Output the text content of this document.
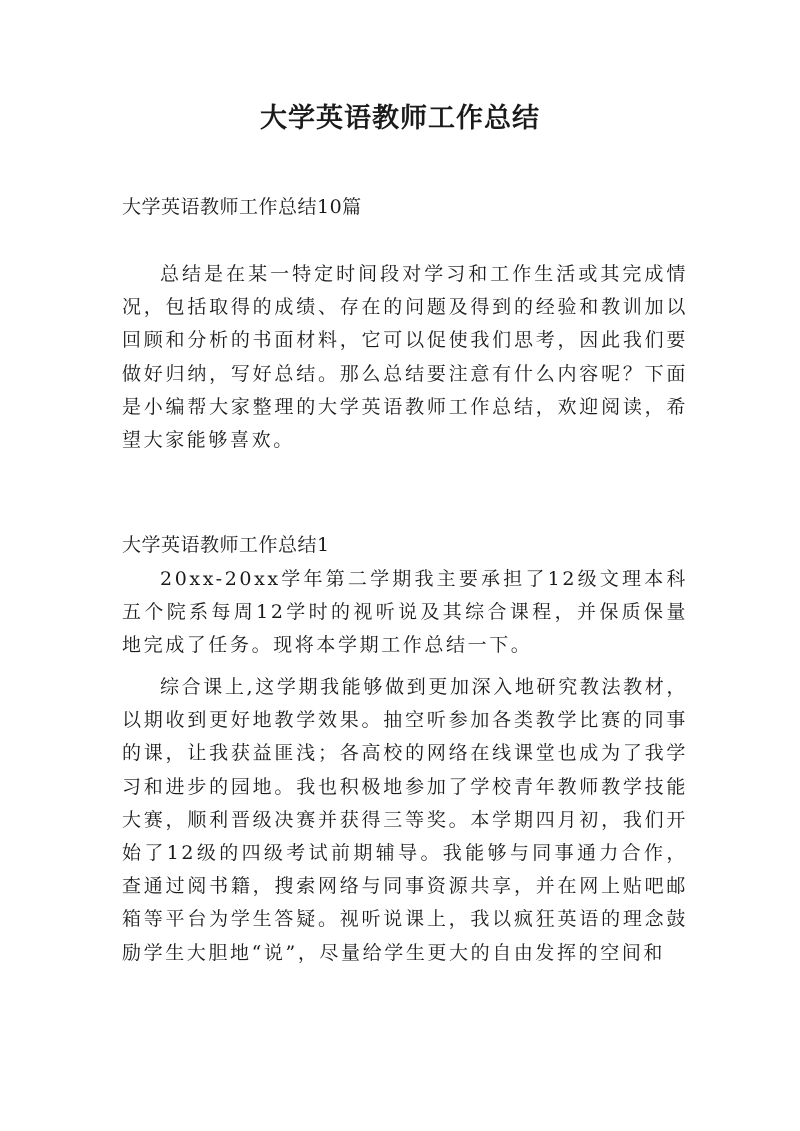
大学英语教师工作总结
大学英语教师工作总结10篇

总结是在某一特定时间段对学习和工作生活或其完成情况，包括取得的成绩、存在的问题及得到的经验和教训加以回顾和分析的书面材料，它可以促使我们思考，因此我们要做好归纳，写好总结。那么总结要注意有什么内容呢？下面是小编帮大家整理的大学英语教师工作总结，欢迎阅读，希望大家能够喜欢。

大学英语教师工作总结1

20xx-20xx学年第二学期我主要承担了12级文理本科五个院系每周12学时的视听说及其综合课程，并保质保量地完成了任务。现将本学期工作总结一下。

综合课上,这学期我能够做到更加深入地研究教法教材，以期收到更好地教学效果。抽空听参加各类教学比赛的同事的课，让我获益匪浅；各高校的网络在线课堂也成为了我学习和进步的园地。我也积极地参加了学校青年教师教学技能大赛，顺利晋级决赛并获得三等奖。本学期四月初，我们开始了12级的四级考试前期辅导。我能够与同事通力合作，查通过阅书籍，搜索网络与同事资源共享，并在网上贴吧邮箱等平台为学生答疑。视听说课上，我以疯狂英语的理念鼓励学生大胆地“说”，尽量给学生更大的自由发挥的空间和
